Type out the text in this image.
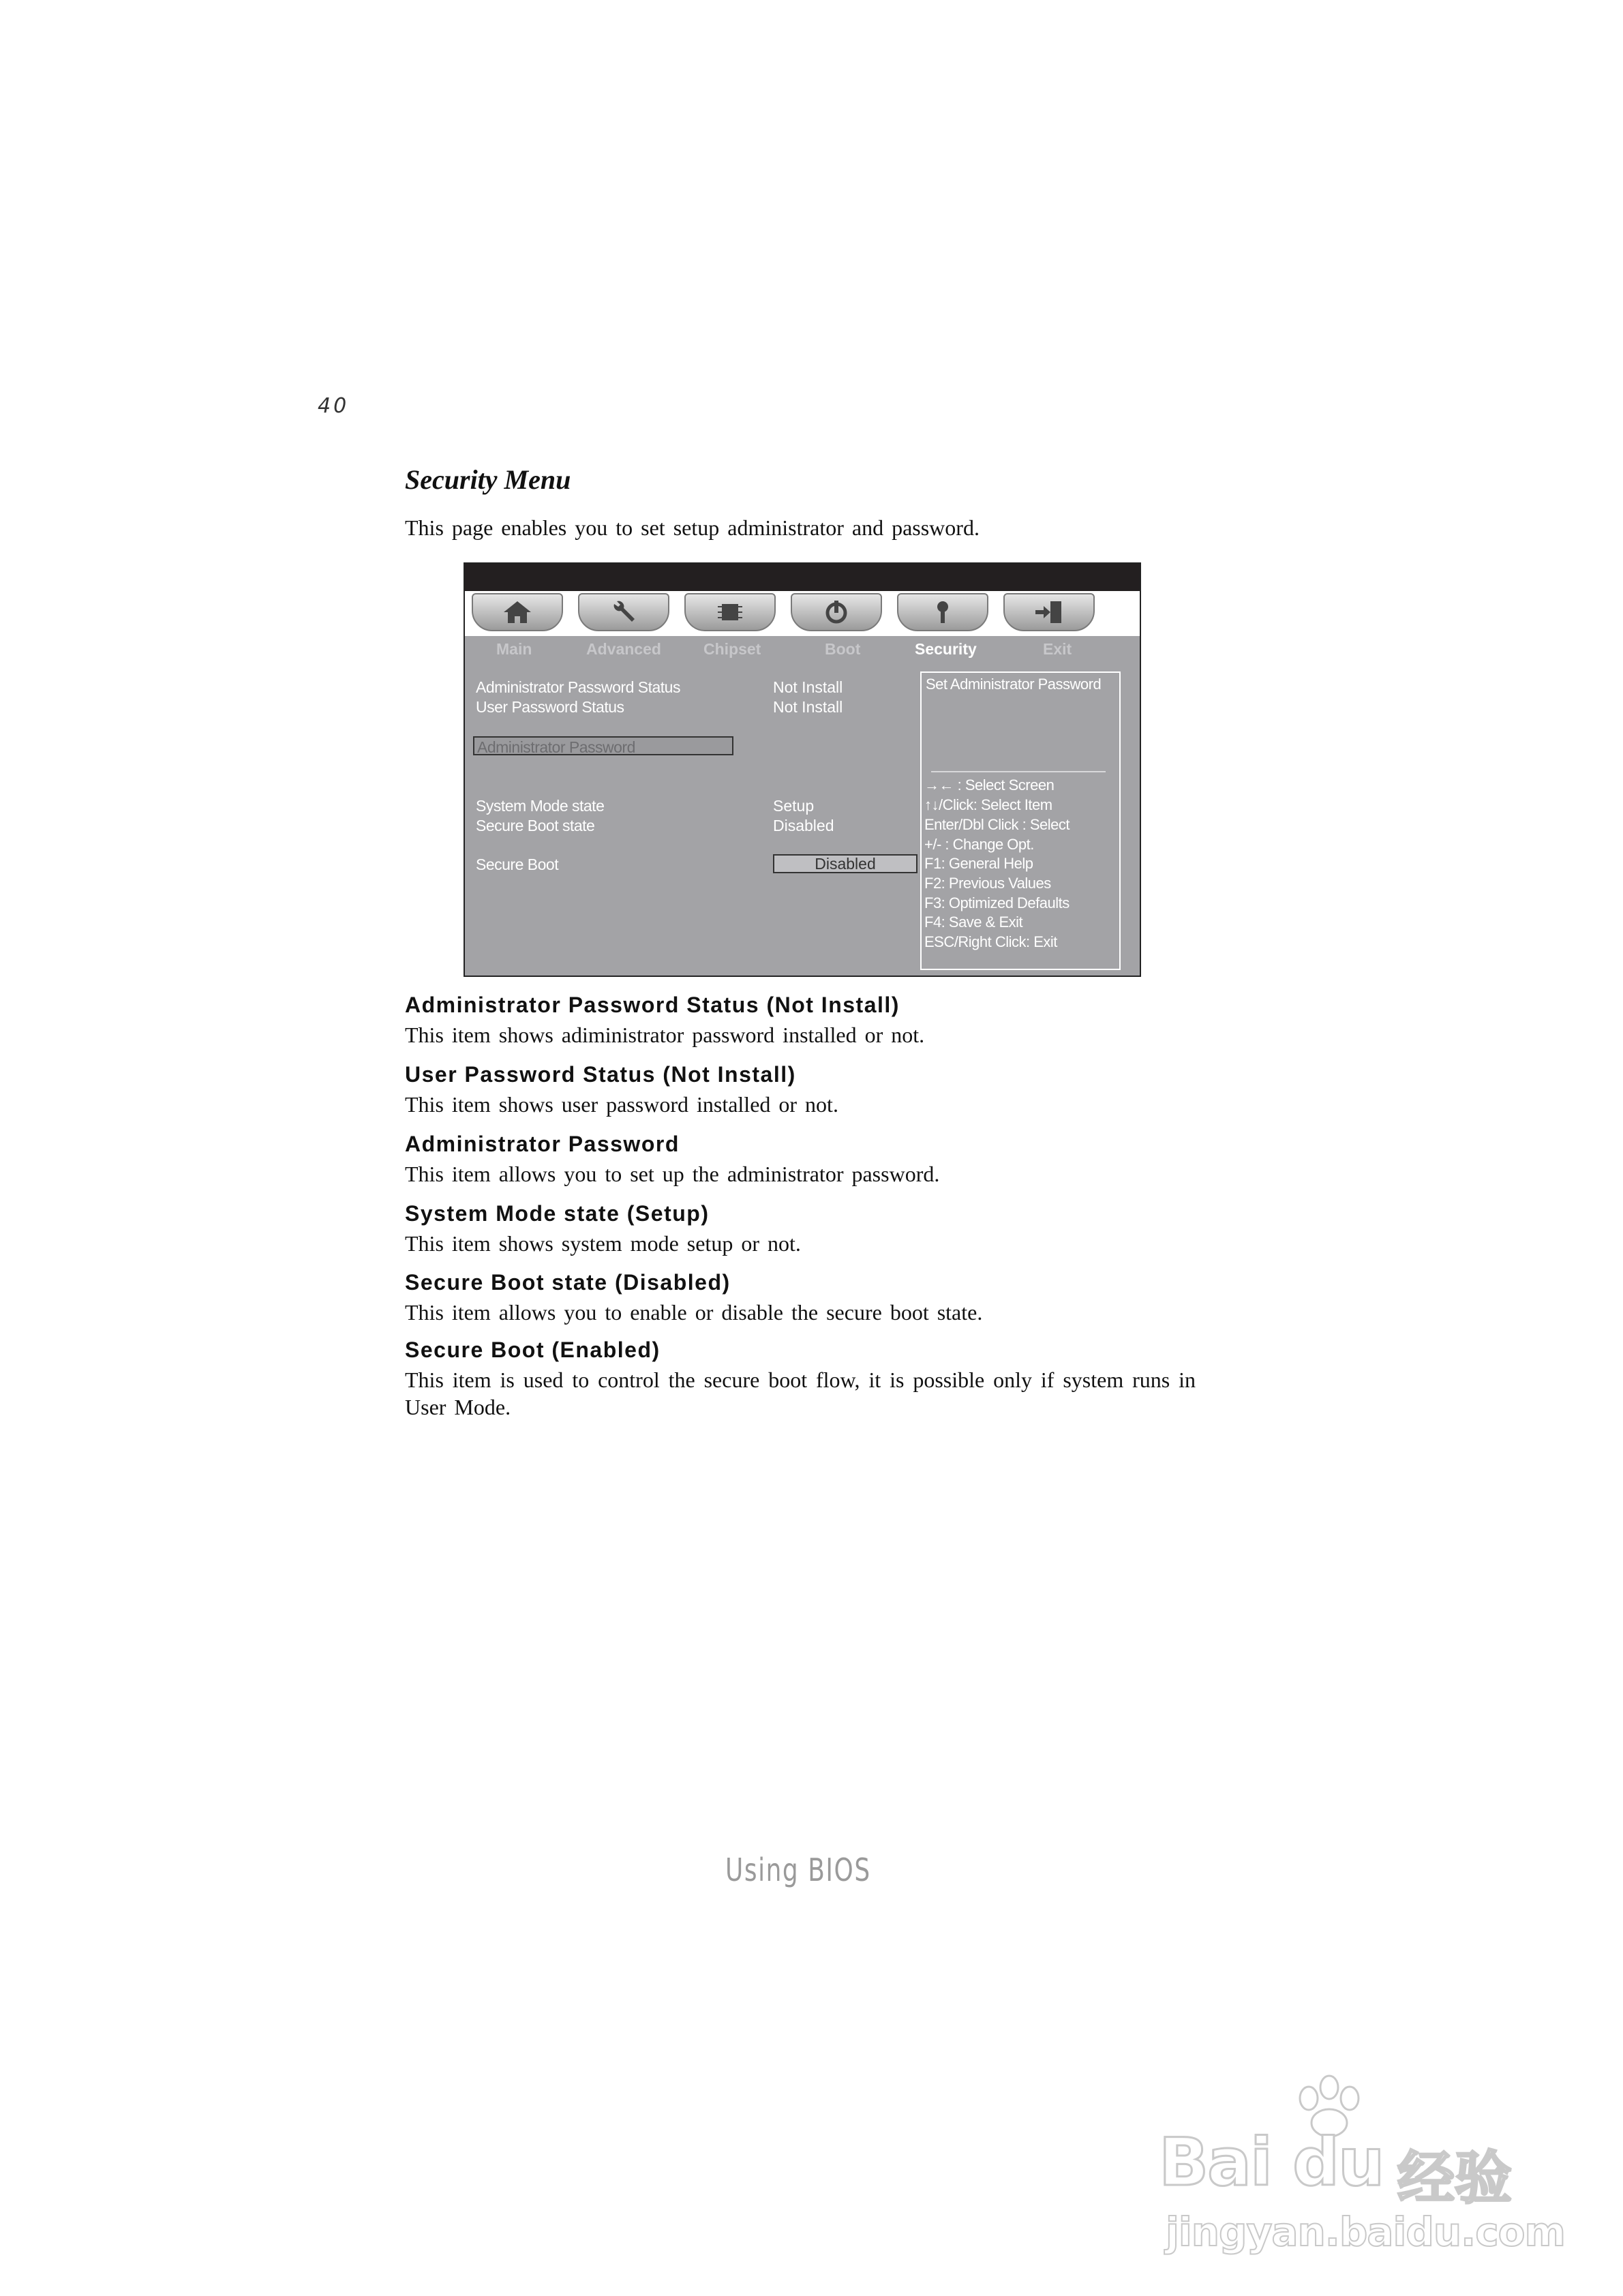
40
Security Menu
This page enables you to set setup administrator and password.
Main	Advanced	Chipset	Boot	Security	Exit
Administrator Password Status	Not Install
User Password Status	Not Install
Administrator Password
System Mode state	Setup
Secure Boot state	Disabled
Secure Boot	Disabled
Set Administrator Password
→← : Select Screen
↑↓/Click: Select Item
Enter/Dbl Click : Select
+/- : Change Opt.
F1: General Help
F2: Previous Values
F3: Optimized Defaults
F4: Save & Exit
ESC/Right Click: Exit
Administrator Password Status (Not Install)
This item shows adiministrator password installed or not.
User Password Status (Not Install)
This item shows user password installed or not.
Administrator Password
This item allows you to set up the administrator password.
System Mode state (Setup)
This item shows system mode setup or not.
Secure Boot state (Disabled)
This item allows you to enable or disable the secure boot state.
Secure Boot (Enabled)
This item is used to control the secure boot flow, it is possible only if system runs in User Mode.
Using BIOS
Bai du 经验
jingyan.baidu.com
